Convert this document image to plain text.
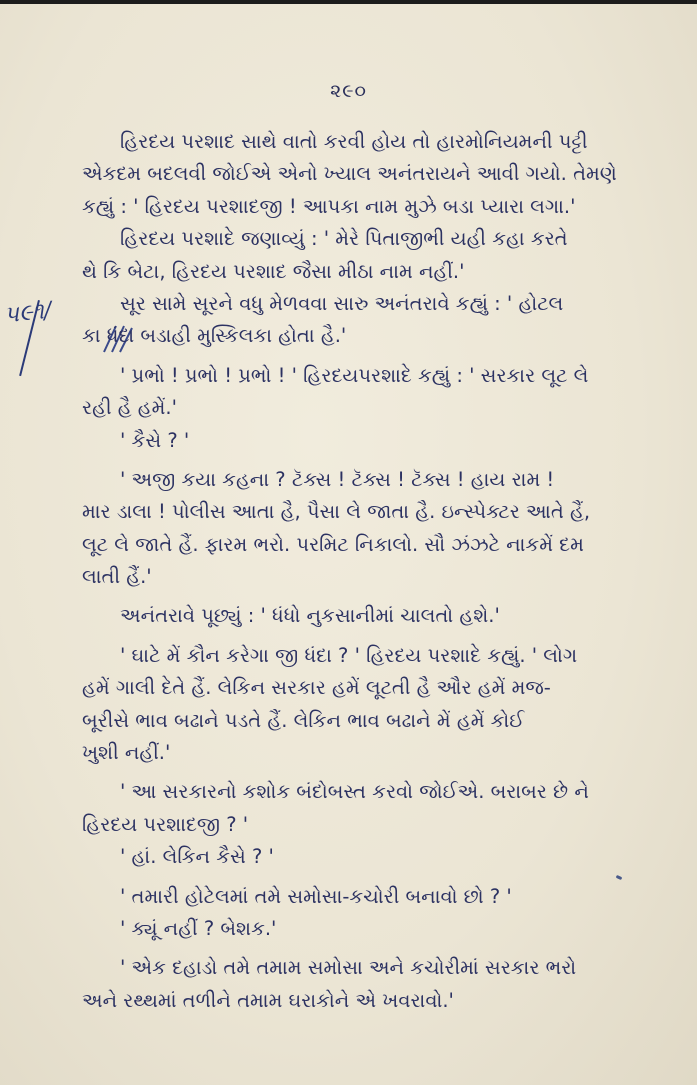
૨૯૦
પ૯૧/
હિરદય પરશાદ સાથે વાતો કરવી હોય તો હારમોનિયમની પટ્ટી
એકદમ બદલવી જોઈએ એનો ખ્યાલ અનંતરાયને આવી ગયો. તેમણે
કહ્યું : ' હિરદય પરશાદજી ! આપકા નામ મુઝે બડા પ્યારા લગા.'
હિરદય પરશાદે જણાવ્યું : ' મેરે પિતાજીભી યહી કહા કરતે
થે કિ બેટા, હિરદય પરશાદ જૈસા મીઠા નામ નહીં.'
સૂર સામે સૂરને વધુ મેળવવા સારુ અનંતરાવે કહ્યું : ' હોટલ
કા ધંદા બડાહી મુસ્કિલકા હોતા હૈ.'
' પ્રભો ! પ્રભો ! પ્રભો ! ' હિરદયપરશાદે કહ્યું : ' સરકાર લૂટ લે
રહી હૈ હમેં.'
' કૈસે ? '
' અજી કયા કહના ? ટૅક્સ ! ટૅક્સ ! ટૅક્સ ! હાય રામ !
માર ડાલા ! પોલીસ આતા હૈ, પૈસા લે જાતા હૈ. ઇન્સ્પેક્ટર આતે હૈં,
લૂટ લે જાતે હૈં. ફારમ ભરો. પરમિટ નિકાલો. સૌ ઝંઝટે નાકમેં દમ
લાતી હૈં.'
અનંતરાવે પૂછ્યું : ' ધંધો નુકસાનીમાં ચાલતો હશે.'
' ઘાટે મેં કૌન કરેગા જી ધંદા ? ' હિરદય પરશાદે કહ્યું. ' લોગ
હમેં ગાલી દેતે હૈં. લેકિન સરકાર હમેં લૂટતી હૈ ઔર હમેં મજ-
બૂરીસે ભાવ બઢાને પડતે હૈં. લેકિન ભાવ બઢાને મેં હમેં કોઈ
ખુશી નહીં.'
' આ સરકારનો કશોક બંદોબસ્ત કરવો જોઈએ. બરાબર છે ને
હિરદય પરશાદજી ? '
' હાં. લેકિન કૈસે ? '
' તમારી હોટેલમાં તમે સમોસા-કચોરી બનાવો છો ? '
' ક્યૂં નહીં ? બેશક.'
' એક દહાડો તમે તમામ સમોસા અને કચોરીમાં સરકાર ભરો
અને રથ્થમાં તળીને તમામ ઘરાકોને એ ખવરાવો.'
